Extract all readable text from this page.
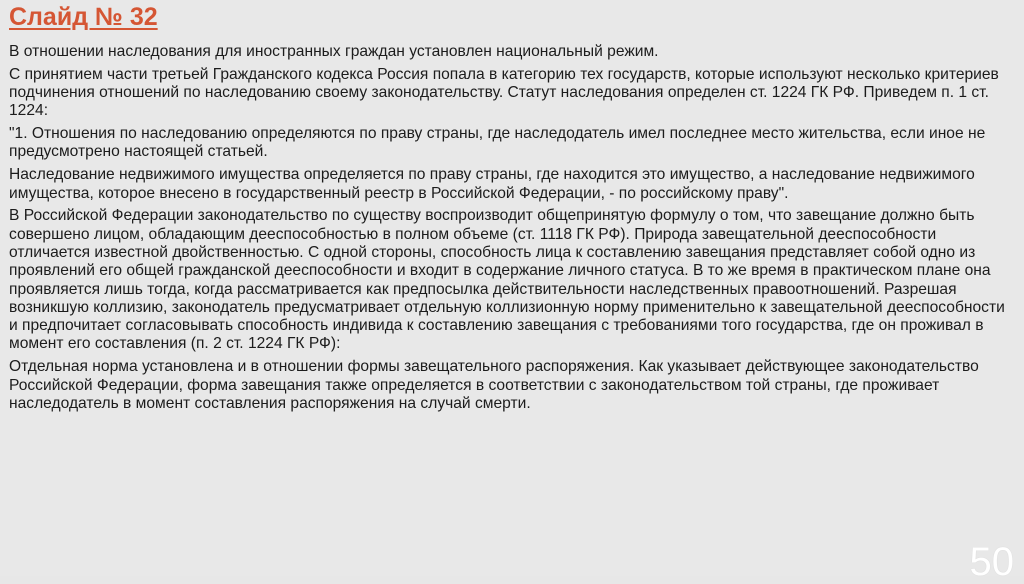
Слайд № 32

В отношении наследования для иностранных граждан установлен национальный режим.

С принятием части третьей Гражданского кодекса Россия попала в категорию тех государств, которые используют несколько критериев подчинения отношений по наследованию своему законодательству. Статут наследования определен ст. 1224 ГК РФ. Приведем п. 1 ст. 1224:

"1. Отношения по наследованию определяются по праву страны, где наследодатель имел последнее место жительства, если иное не предусмотрено настоящей статьей.

Наследование недвижимого имущества определяется по праву страны, где находится это имущество, а наследование недвижимого имущества, которое внесено в государственный реестр в Российской Федерации, - по российскому праву".

В Российской Федерации законодательство по существу воспроизводит общепринятую формулу о том, что завещание должно быть совершено лицом, обладающим дееспособностью в полном объеме (ст. 1118 ГК РФ). Природа завещательной дееспособности отличается известной двойственностью. С одной стороны, способность лица к составлению завещания представляет собой одно из проявлений его общей гражданской дееспособности и входит в содержание личного статуса. В то же время в практическом плане она проявляется лишь тогда, когда рассматривается как предпосылка действительности наследственных правоотношений. Разрешая возникшую коллизию, законодатель предусматривает отдельную коллизионную норму применительно к завещательной дееспособности и предпочитает согласовывать способность индивида к составлению завещания с требованиями того государства, где он проживал в момент его составления (п. 2 ст. 1224 ГК РФ):

Отдельная норма установлена и в отношении формы завещательного распоряжения. Как указывает действующее законодательство Российской Федерации, форма завещания также определяется в соответствии с законодательством той страны, где проживает наследодатель в момент составления распоряжения на случай смерти.

50
